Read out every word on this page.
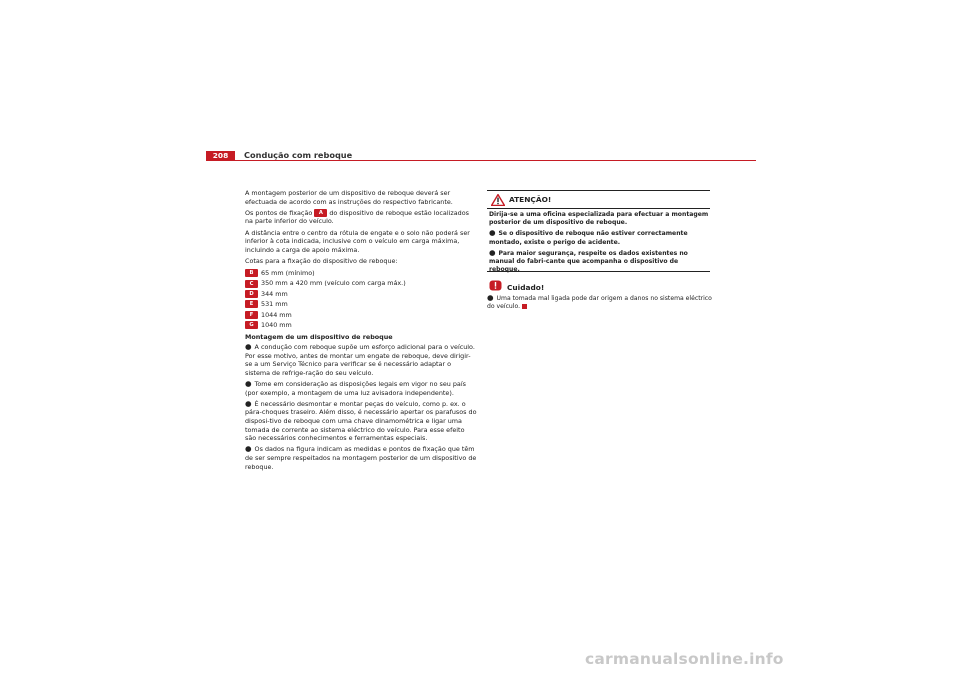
208	Condução com reboque

A montagem posterior de um dispositivo de reboque deverá ser efectuada de acordo com as instruções do respectivo fabricante.

Os pontos de fixação A do dispositivo de reboque estão localizados na parte inferior do veículo.

A distância entre o centro da rótula de engate e o solo não poderá ser inferior à cota indicada, inclusive com o veículo em carga máxima, incluindo a carga de apoio máxima.

Cotas para a fixação do dispositivo de reboque:

B	65 mm (mínimo)
C	350 mm a 420 mm (veículo com carga máx.)
D	344 mm
E	531 mm
F	1044 mm
G	1040 mm
Montagem de um dispositivo de reboque

● A condução com reboque supõe um esforço adicional para o veículo. Por esse motivo, antes de montar um engate de reboque, deve dirigir-se a um Serviço Técnico para verificar se é necessário adaptar o sistema de refrige-ração do seu veículo.

● Tome em consideração as disposições legais em vigor no seu país (por exemplo, a montagem de uma luz avisadora independente).

● É necessário desmontar e montar peças do veículo, como p. ex. o pára-choques traseiro. Além disso, é necessário apertar os parafusos do disposi-tivo de reboque com uma chave dinamométrica e ligar uma tomada de corrente ao sistema eléctrico do veículo. Para esse efeito são necessários conhecimentos e ferramentas especiais.

● Os dados na figura indicam as medidas e pontos de fixação que têm de ser sempre respeitados na montagem posterior de um dispositivo de reboque.

ATENÇÃO!

Dirija-se a uma oficina especializada para efectuar a montagem posterior de um dispositivo de reboque.

● Se o dispositivo de reboque não estiver correctamente montado, existe o perigo de acidente.

● Para maior segurança, respeite os dados existentes no manual do fabri-cante que acompanha o dispositivo de reboque.

Cuidado!
● Uma tomada mal ligada pode dar origem a danos no sistema eléctrico do veículo.
carmanualsonline.info
